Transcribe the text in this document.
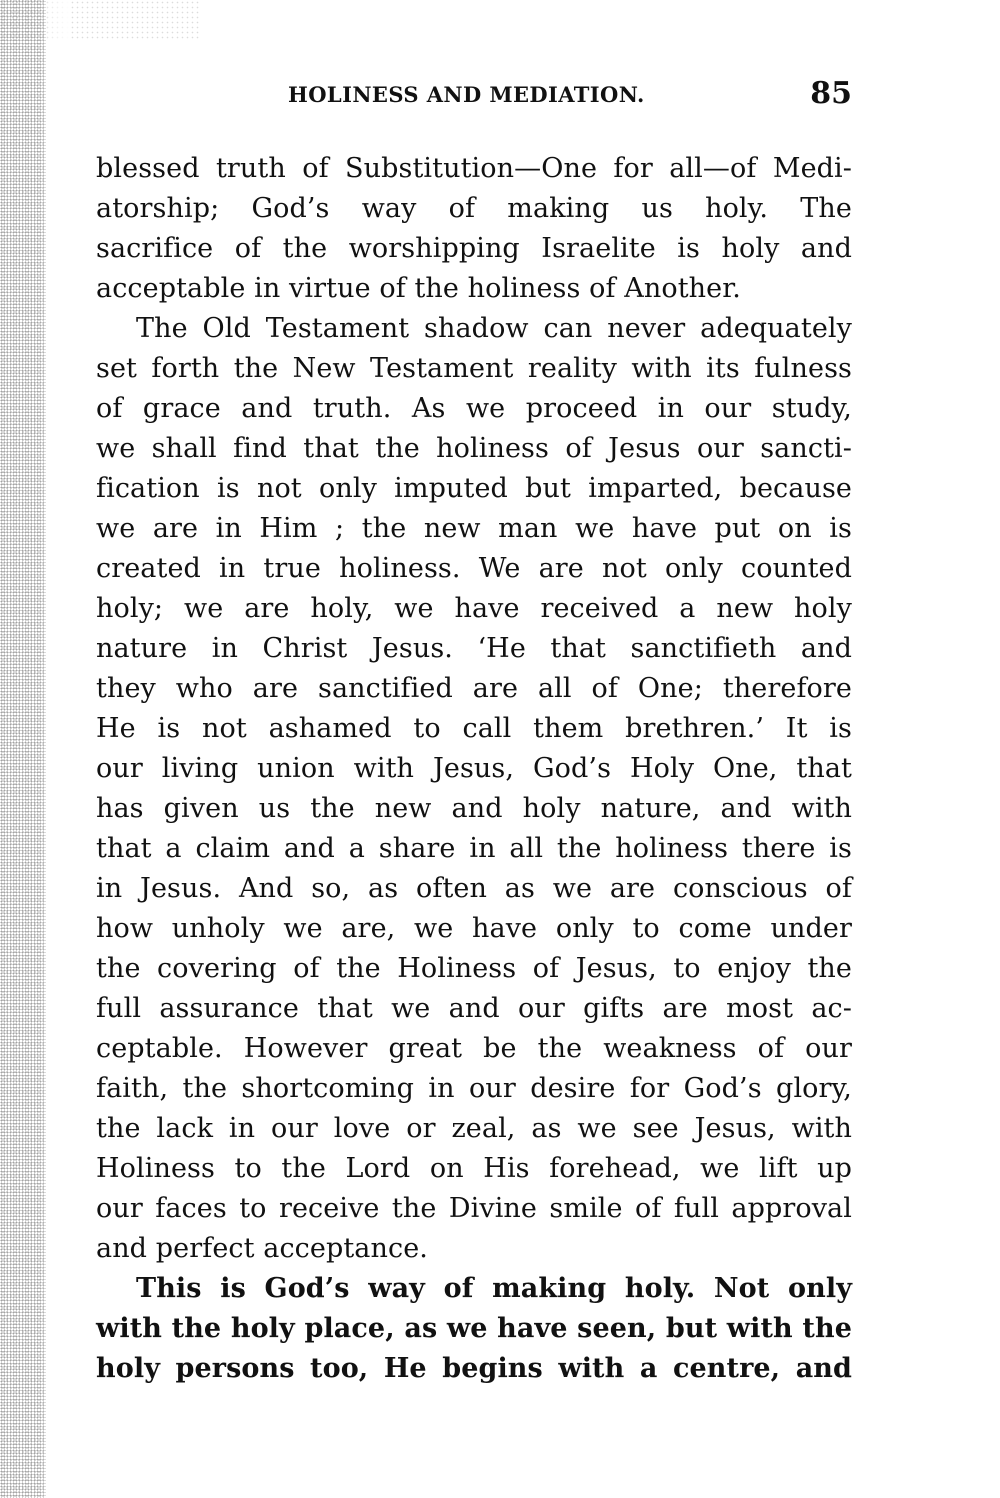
HOLINESS AND MEDIATION.	85
blessed truth of Substitution—One for all—of Medi-
atorship; God’s way of making us holy. The
sacrifice of the worshipping Israelite is holy and
acceptable in virtue of the holiness of Another.
The Old Testament shadow can never adequately
set forth the New Testament reality with its fulness
of grace and truth. As we proceed in our study,
we shall find that the holiness of Jesus our sancti-
fication is not only imputed but imparted, because
we are in Him ; the new man we have put on is
created in true holiness. We are not only counted
holy; we are holy, we have received a new holy
nature in Christ Jesus. ‘He that sanctifieth and
they who are sanctified are all of One; therefore
He is not ashamed to call them brethren.’ It is
our living union with Jesus, God’s Holy One, that
has given us the new and holy nature, and with
that a claim and a share in all the holiness there is
in Jesus. And so, as often as we are conscious of
how unholy we are, we have only to come under
the covering of the Holiness of Jesus, to enjoy the
full assurance that we and our gifts are most ac-
ceptable. However great be the weakness of our
faith, the shortcoming in our desire for God’s glory,
the lack in our love or zeal, as we see Jesus, with
Holiness to the Lord on His forehead, we lift up
our faces to receive the Divine smile of full approval
and perfect acceptance.
This is God’s way of making holy. Not only
with the holy place, as we have seen, but with the
holy persons too, He begins with a centre, and
